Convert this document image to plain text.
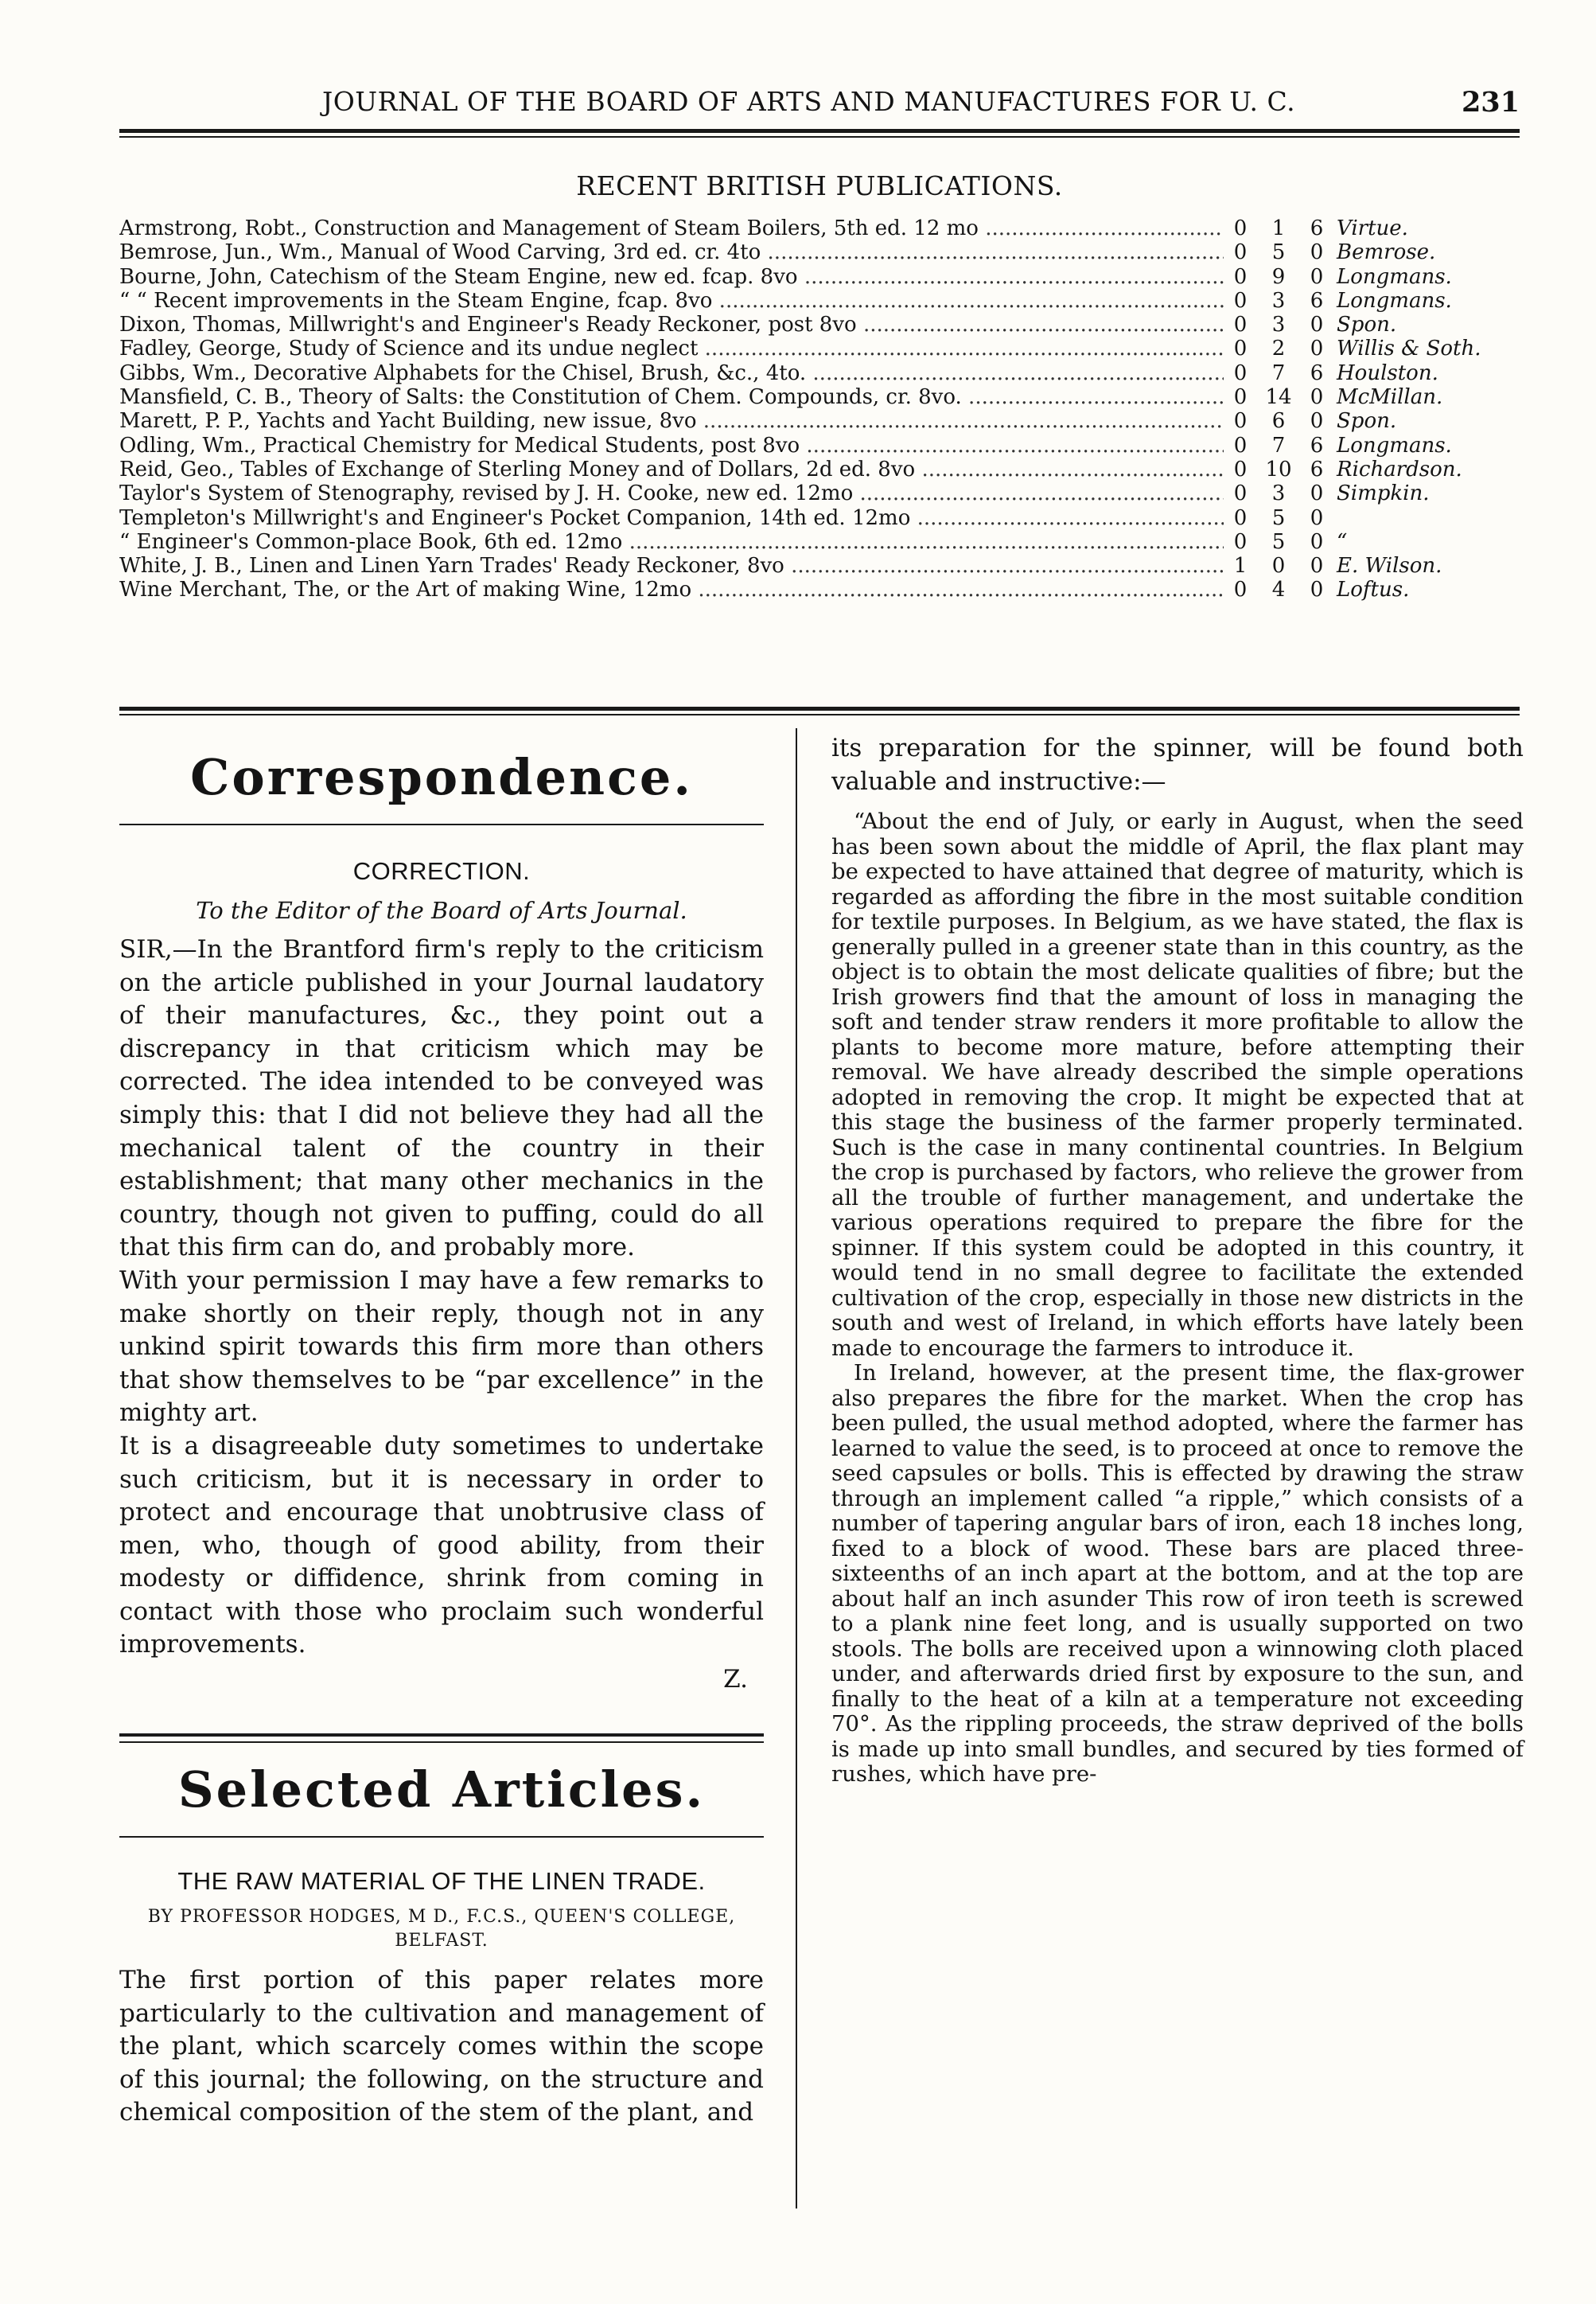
JOURNAL OF THE BOARD OF ARTS AND MANUFACTURES FOR U. C.	231
RECENT BRITISH PUBLICATIONS.
Armstrong, Robt., Construction and Management of Steam Boilers, 5th ed. 12 mo .....	0	1	6 Virtue.
Bemrose, Jun., Wm., Manual of Wood Carving, 3rd ed. cr. 4to .....	0	5	0 Bemrose.
Bourne, John, Catechism of the Steam Engine, new ed. fcap. 8vo .....	0	9	0 Longmans.
“ “ Recent improvements in the Steam Engine, fcap. 8vo .....	0	3	6 Longmans.
Dixon, Thomas, Millwright's and Engineer's Ready Reckoner, post 8vo .....	0	3	0 Spon.
Fadley, George, Study of Science and its undue neglect .....	0	2	0 Willis & Soth.
Gibbs, Wm., Decorative Alphabets for the Chisel, Brush, &c., 4to. .....	0	7	6 Houlston.
Mansfield, C. B., Theory of Salts: the Constitution of Chem. Compounds, cr. 8vo. .....	0 14 0 McMillan.
Marett, P. P., Yachts and Yacht Building, new issue, 8vo .....	0	6	0 Spon.
Odling, Wm., Practical Chemistry for Medical Students, post 8vo .....	0	7	6 Longmans.
Reid, Geo., Tables of Exchange of Sterling Money and of Dollars, 2d ed. 8vo .....	0 10 6 Richardson.
Taylor's System of Stenography, revised by J. H. Cooke, new ed. 12mo .....	0	3	0 Simpkin.
Templeton's Millwright's and Engineer's Pocket Companion, 14th ed. 12mo .....	0	5	0
“ Engineer's Common-place Book, 6th ed. 12mo .....	0	5	0 “
White, J. B., Linen and Linen Yarn Trades' Ready Reckoner, 8vo .....	1	0	0 E. Wilson.
Wine Merchant, The, or the Art of making Wine, 12mo .....	0	4	0 Loftus.
Correspondence.
CORRECTION.
To the Editor of the Board of Arts Journal.

SIR,—In the Brantford firm's reply to the criticism on the article published in your Journal laudatory of their manufactures, &c., they point out a discrepancy in that criticism which may be corrected. The idea intended to be conveyed was simply this: that I did not believe they had all the mechanical talent of the country in their establishment; that many other mechanics in the country, though not given to puffing, could do all that this firm can do, and probably more.

With your permission I may have a few remarks to make shortly on their reply, though not in any unkind spirit towards this firm more than others that show themselves to be “par excellence” in the mighty art.

It is a disagreeable duty sometimes to undertake such criticism, but it is necessary in order to protect and encourage that unobtrusive class of men, who, though of good ability, from their modesty or diffidence, shrink from coming in contact with those who proclaim such wonderful improvements.

Z.
Selected Articles.
THE RAW MATERIAL OF THE LINEN TRADE.
BY PROFESSOR HODGES, M D., F.C.S., QUEEN'S COLLEGE, BELFAST.

The first portion of this paper relates more particularly to the cultivation and management of the plant, which scarcely comes within the scope of this journal; the following, on the structure and chemical composition of the stem of the plant, and

its preparation for the spinner, will be found both valuable and instructive:—

“About the end of July, or early in August, when the seed has been sown about the middle of April, the flax plant may be expected to have attained that degree of maturity, which is regarded as affording the fibre in the most suitable condition for textile purposes. In Belgium, as we have stated, the flax is generally pulled in a greener state than in this country, as the object is to obtain the most delicate qualities of fibre; but the Irish growers find that the amount of loss in managing the soft and tender straw renders it more profitable to allow the plants to become more mature, before attempting their removal. We have already described the simple operations adopted in removing the crop. It might be expected that at this stage the business of the farmer properly terminated. Such is the case in many continental countries. In Belgium the crop is purchased by factors, who relieve the grower from all the trouble of further management, and undertake the various operations required to prepare the fibre for the spinner. If this system could be adopted in this country, it would tend in no small degree to facilitate the extended cultivation of the crop, especially in those new districts in the south and west of Ireland, in which efforts have lately been made to encourage the farmers to introduce it.

In Ireland, however, at the present time, the flax-grower also prepares the fibre for the market. When the crop has been pulled, the usual method adopted, where the farmer has learned to value the seed, is to proceed at once to remove the seed capsules or bolls. This is effected by drawing the straw through an implement called “a ripple,” which consists of a number of tapering angular bars of iron, each 18 inches long, fixed to a block of wood. These bars are placed three-sixteenths of an inch apart at the bottom, and at the top are about half an inch asunder This row of iron teeth is screwed to a plank nine feet long, and is usually supported on two stools. The bolls are received upon a winnowing cloth placed under, and afterwards dried first by exposure to the sun, and finally to the heat of a kiln at a temperature not exceeding 70°. As the rippling proceeds, the straw deprived of the bolls is made up into small bundles, and secured by ties formed of rushes, which have pre-
